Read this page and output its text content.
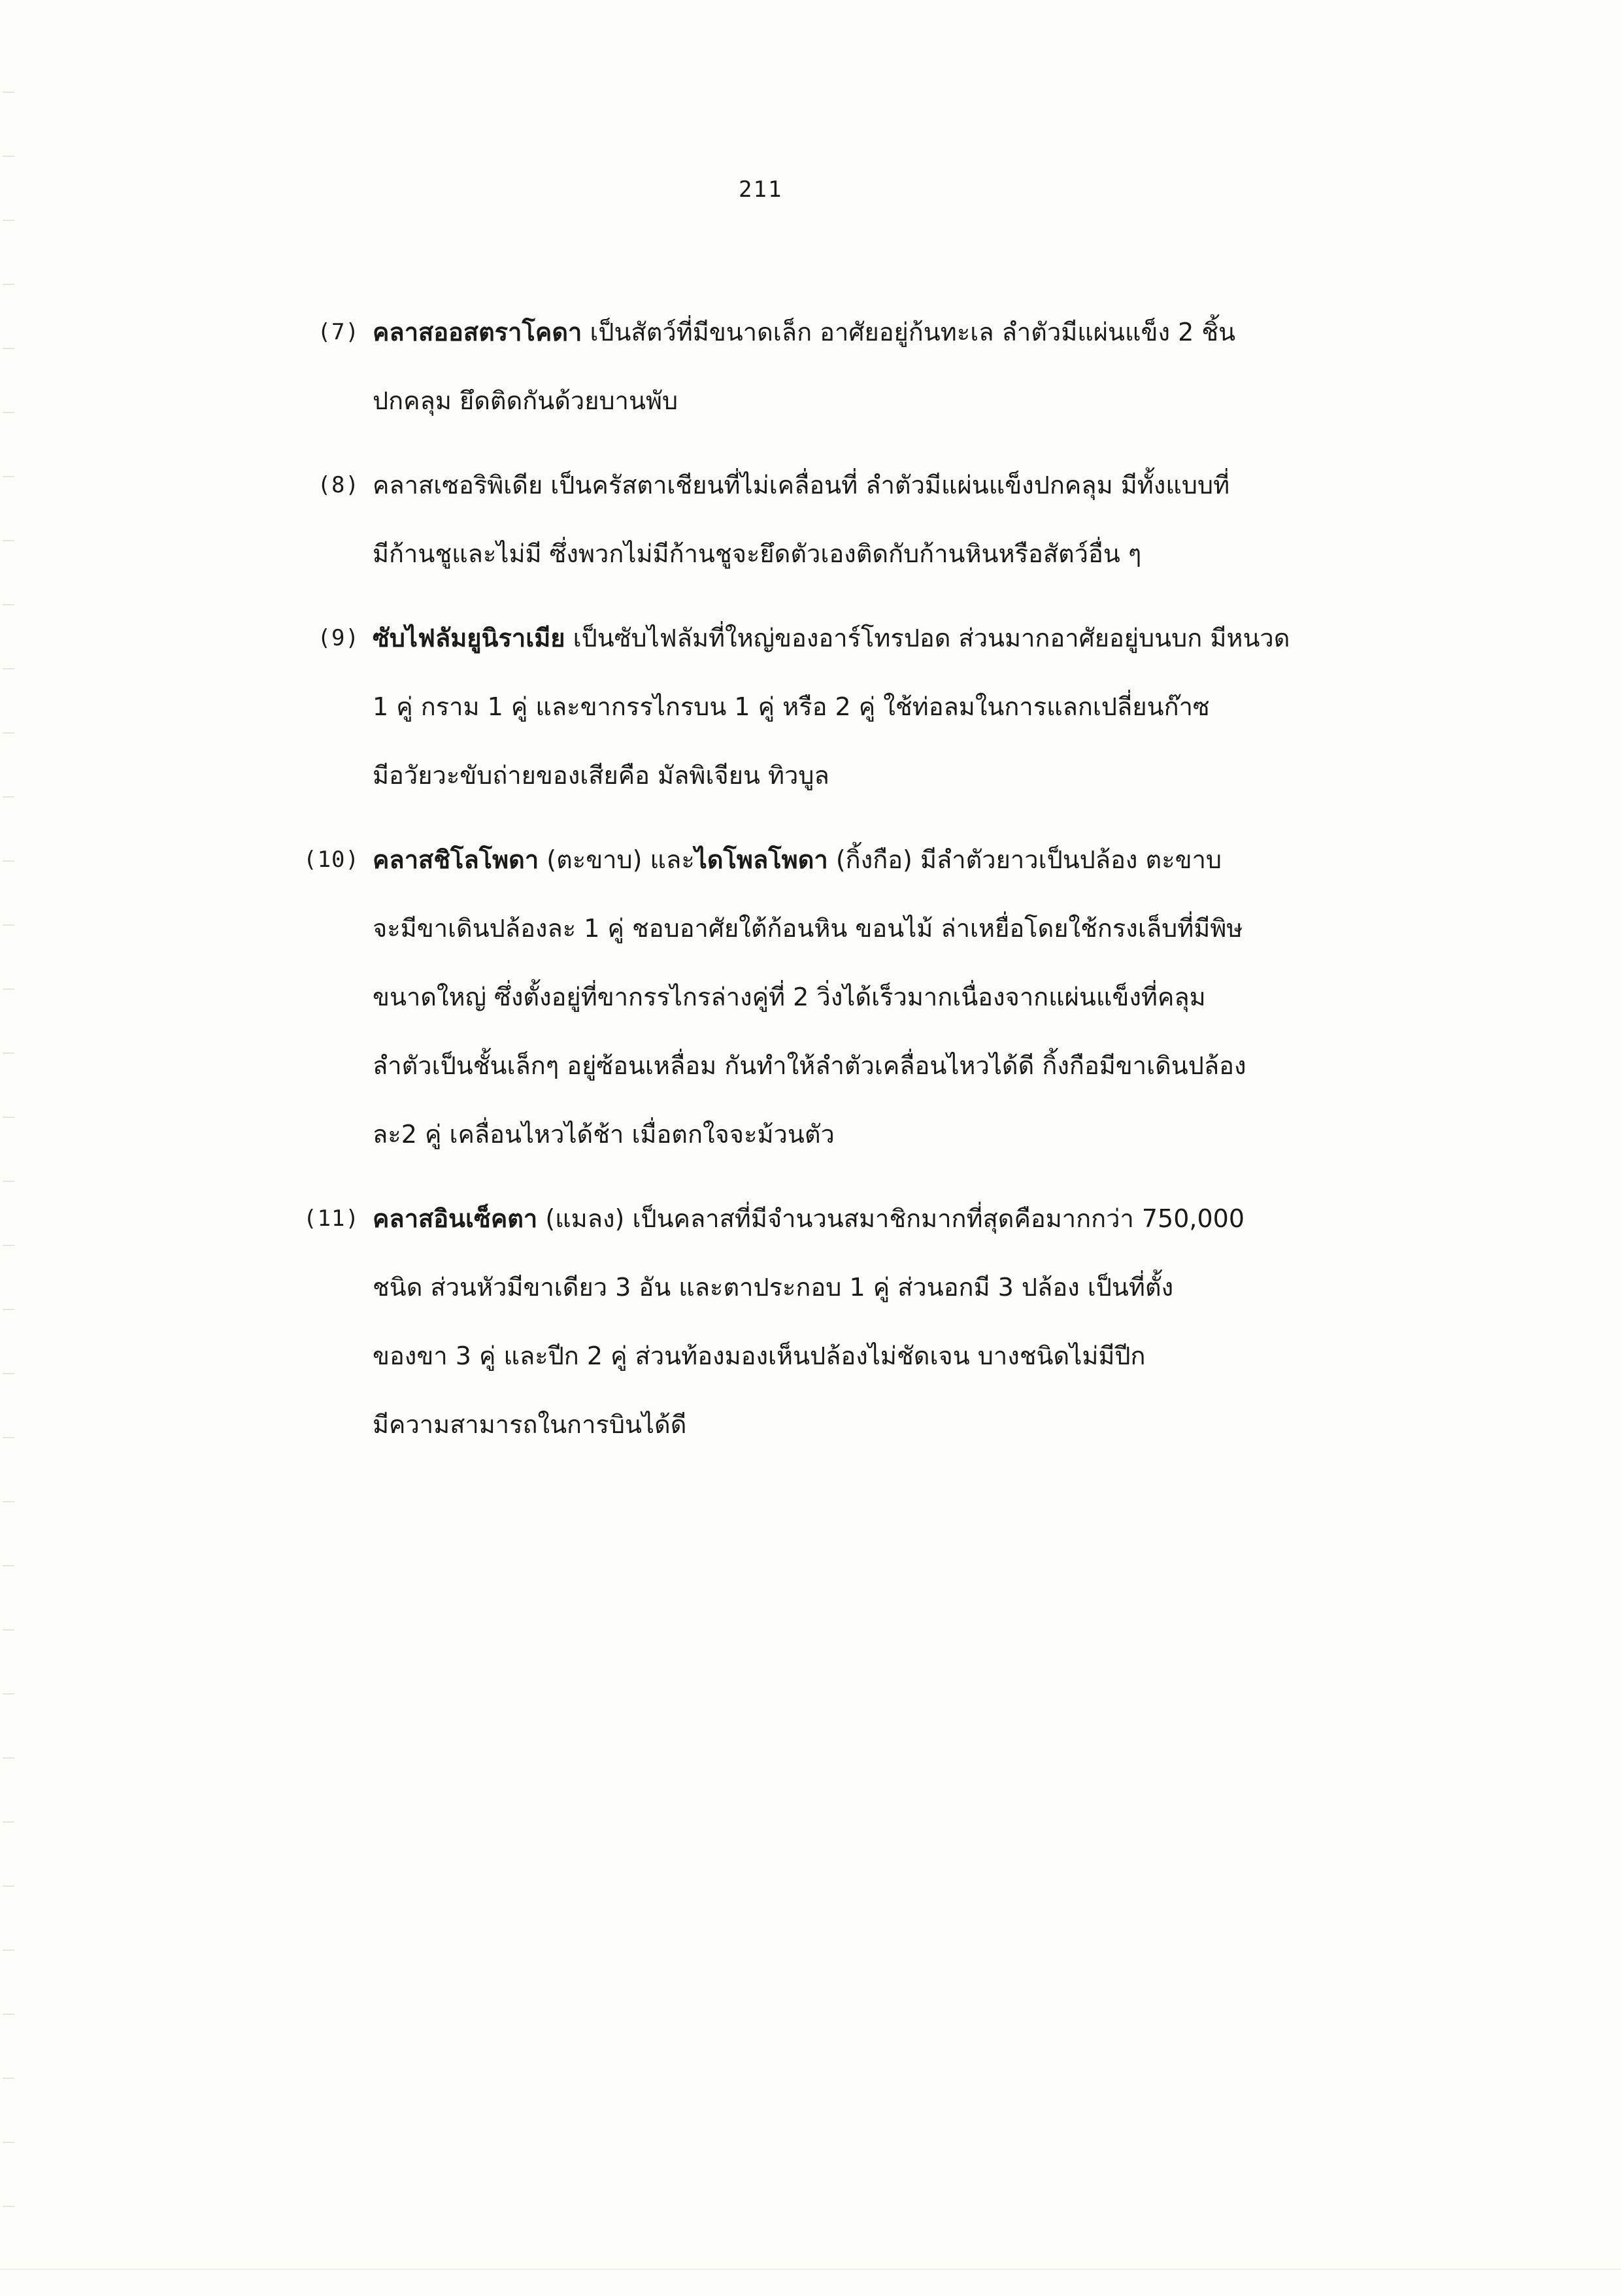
211
(7) คลาสออสตราโคดา เป็นสัตว์ที่มีขนาดเล็ก อาศัยอยู่ก้นทะเล ลำตัวมีแผ่นแข็ง 2 ชิ้น
ปกคลุม ยึดติดกันด้วยบานพับ
(8) คลาสเซอริพิเดีย เป็นครัสตาเชียนที่ไม่เคลื่อนที่ ลำตัวมีแผ่นแข็งปกคลุม มีทั้งแบบที่
มีก้านชูและไม่มี ซึ่งพวกไม่มีก้านชูจะยึดตัวเองติดกับก้านหินหรือสัตว์อื่น ๆ
(9) ซับไฟลัมยูนิราเมีย เป็นซับไฟลัมที่ใหญ่ของอาร์โทรปอด ส่วนมากอาศัยอยู่บนบก มีหนวด
1 คู่ กราม 1 คู่ และขากรรไกรบน 1 คู่ หรือ 2 คู่ ใช้ท่อลมในการแลกเปลี่ยนก๊าซ
มีอวัยวะขับถ่ายของเสียคือ มัลพิเจียน ทิวบูล
(10) คลาสชิโลโพดา (ตะขาบ) และไดโพลโพดา (กิ้งกือ) มีลำตัวยาวเป็นปล้อง ตะขาบ
จะมีขาเดินปล้องละ 1 คู่ ชอบอาศัยใต้ก้อนหิน ขอนไม้ ล่าเหยื่อโดยใช้กรงเล็บที่มีพิษ
ขนาดใหญ่ ซึ่งตั้งอยู่ที่ขากรรไกรล่างคู่ที่ 2 วิ่งได้เร็วมากเนื่องจากแผ่นแข็งที่คลุม
ลำตัวเป็นชั้นเล็กๆ อยู่ซ้อนเหลื่อม กันทำให้ลำตัวเคลื่อนไหวได้ดี กิ้งกือมีขาเดินปล้อง
ละ2 คู่ เคลื่อนไหวได้ช้า เมื่อตกใจจะม้วนตัว
(11) คลาสอินเซ็คตา (แมลง) เป็นคลาสที่มีจำนวนสมาชิกมากที่สุดคือมากกว่า 750,000
ชนิด ส่วนหัวมีขาเดียว 3 อัน และตาประกอบ 1 คู่ ส่วนอกมี 3 ปล้อง เป็นที่ตั้ง
ของขา 3 คู่ และปีก 2 คู่ ส่วนท้องมองเห็นปล้องไม่ชัดเจน บางชนิดไม่มีปีก
มีความสามารถในการบินได้ดี
